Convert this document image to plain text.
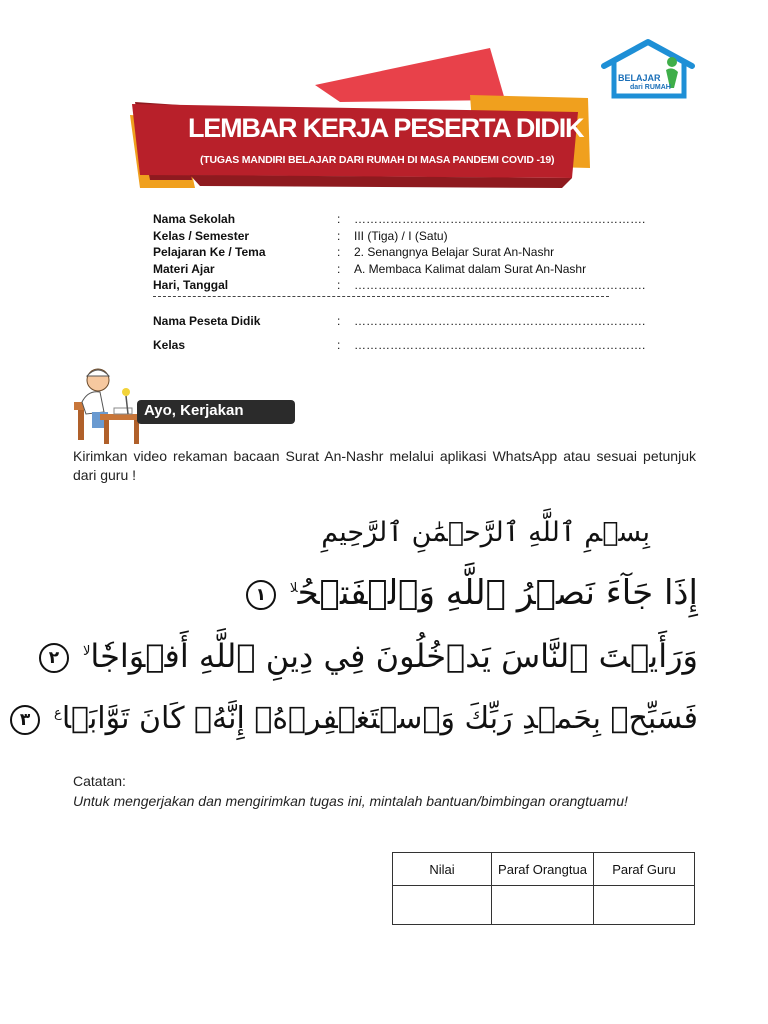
LEMBAR KERJA PESERTA DIDIK
(TUGAS MANDIRI BELAJAR DARI RUMAH DI MASA PANDEMI COVID -19)
BELAJAR
dari RUMAH
Nama Sekolah	: ……………………………………………………………….
Kelas / Semester	: III (Tiga) / I (Satu)
Pelajaran Ke / Tema	: 2. Senangnya Belajar Surat An-Nashr
Materi Ajar	: A. Membaca Kalimat dalam Surat An-Nashr
Hari, Tanggal	: ……………………………………………………………….
Nama Peseta Didik	: ……………………………………………………………….
Kelas	: ……………………………………………………………….
Ayo, Kerjakan
Kirimkan video rekaman bacaan Surat An-Nashr melalui aplikasi WhatsApp atau sesuai petunjuk dari guru !
بِسۡمِ ٱللَّهِ ٱلرَّحۡمَٰنِ ٱلرَّحِيمِ
إِذَا جَآءَ نَصۡرُ ٱللَّهِ وَٱلۡفَتۡحُ$^{لا}$١
وَرَأَيۡتَ ٱلنَّاسَ يَدۡخُلُونَ فِي دِينِ ٱللَّهِ أَفۡوَاجٗا$^{لا}$٢
فَسَبِّحۡ بِحَمۡدِ رَبِّكَ وَٱسۡتَغۡفِرۡهُۚ إِنَّهُۥ كَانَ تَوَّابَۢا$^ع$٣
Catatan:
Untuk mengerjakan dan mengirimkan tugas ini, mintalah bantuan/bimbingan orangtuamu!
Nilai	Paraf Orangtua	Paraf Guru
